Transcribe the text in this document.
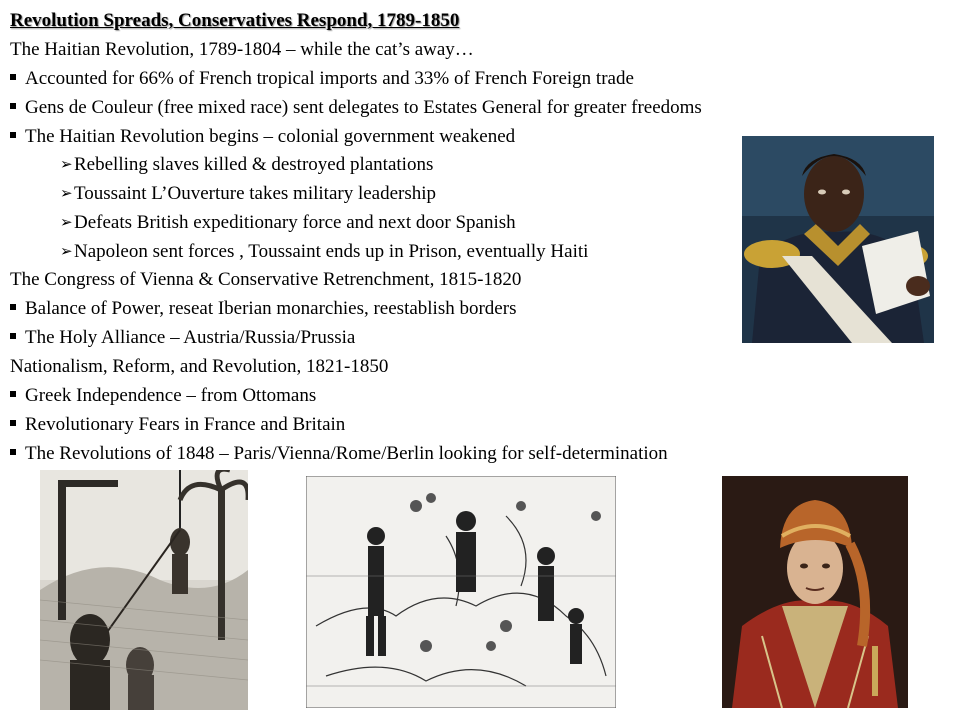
Revolution Spreads, Conservatives Respond, 1789-1850
The Haitian Revolution, 1789-1804 – while the cat’s away…
Accounted for 66% of French tropical imports and 33% of French Foreign trade
Gens de Couleur (free mixed race) sent delegates to Estates General for greater freedoms
The Haitian Revolution begins – colonial government weakened
➢Rebelling slaves killed & destroyed plantations
➢Toussaint L’Ouverture takes military leadership
➢Defeats British expeditionary force and next door Spanish
➢Napoleon sent forces , Toussaint ends up in Prison, eventually Haiti
The Congress of Vienna & Conservative Retrenchment, 1815-1820
Balance of Power, reseat Iberian monarchies, reestablish borders
The Holy Alliance – Austria/Russia/Prussia
Nationalism, Reform, and Revolution, 1821-1850
Greek Independence – from Ottomans
Revolutionary Fears in France and Britain
The Revolutions of 1848 – Paris/Vienna/Rome/Berlin looking for self-determination
